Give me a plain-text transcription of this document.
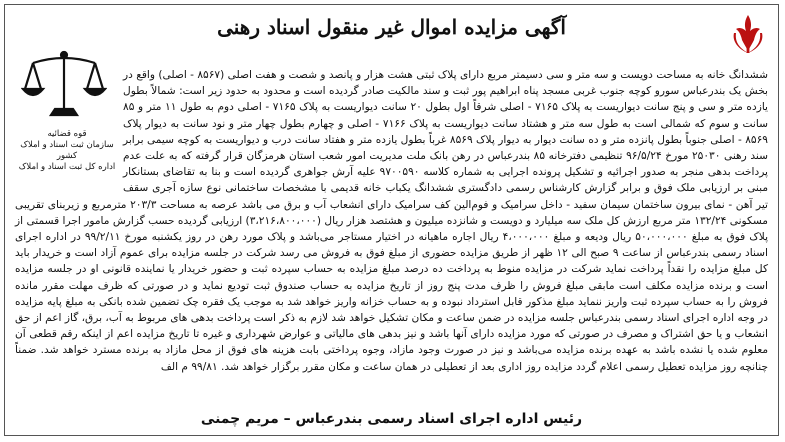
آگهی مزایده اموال غیر منقول اسناد رهنی
قوه قضائیه
سازمان ثبت اسناد و املاک کشور
اداره کل ثبت اسناد و املاک
ششدانگ خانه به مساحت دویست و سه متر و سی دسیمتر مربع دارای پلاک ثبتی هشت هزار و پانصد و شصت و هفت اصلی (۸۵۶۷ - اصلی) واقع در بخش یک بندرعباس سورو کوچه جنوب غربی مسجد پناه ابراهیم پور ثبت و سند مالکیت صادر گردیده است و محدود به حدود زیر است: شمالاً بطول یازده متر و سی و پنج سانت دیواریست به پلاک ۷۱۶۵ - اصلی شرقاً اول بطول ۲۰ سانت دیواریست به پلاک ۷۱۶۵ - اصلی دوم به طول ۱۱ متر و ۸۵ سانت و سوم که شمالی است به طول سه متر و هشتاد سانت دیواریست به پلاک ۷۱۶۶ - اصلی و چهارم بطول چهار متر و نود سانت به دیوار پلاک ۸۵۶۹ - اصلی جنوباً بطول پانزده متر و ده سانت دیوار به دیوار پلاک ۸۵۶۹ غرباً بطول یازده متر و هفتاد سانت درب و دیواریست به کوچه سیمی برابر سند رهنی ۲۵۰۳۰ مورخ ۹۶/۵/۲۴ تنظیمی دفترخانه ۸۵ بندرعباس در رهن بانک ملت مدیریت امور شعب استان هرمزگان قرار گرفته که به علت عدم پرداخت بدهی منجر به صدور اجرائیه و تشکیل پرونده اجرایی به شماره کلاسه ۹۷۰۰۵۹۰ علیه آرش جواهری گردیده است و بنا به تقاضای بستانکار مبنی بر ارزیابی ملک فوق و برابر گزارش کارشناس رسمی دادگستری ششدانگ یکباب خانه قدیمی با مشخصات ساختمانی نوع سازه آجری سقف تیر آهن - نمای بیرون ساختمان سیمان سفید - داخل سرامیک و فوم‌الین کف سرامیک دارای انشعاب آب و برق می باشد عرصه به مساحت ۲۰۳/۳ مترمربع و زیربنای تقریبی مسکونی ۱۳۲/۲۴ متر مربع ارزش کل ملک سه میلیارد و دویست و شانزده میلیون و هشتصد هزار ریال (۳،۲۱۶،۸۰۰،۰۰۰) ارزیابی گردیده حسب گزارش مامور اجرا قسمتی از پلاک فوق به مبلغ ۵۰،۰۰۰،۰۰۰ ریال ودیعه و مبلغ ۴،۰۰۰،۰۰۰ ریال اجاره ماهیانه در اختیار مستاجر می‌باشد و پلاک مورد رهن در روز یکشنبه مورخ ۹۹/۲/۱۱ در اداره اجرای اسناد رسمی بندرعباس از ساعت ۹ صبح الی ۱۲ ظهر از طریق مزایده حضوری از مبلغ فوق به فروش می رسد شرکت در جلسه مزایده برای عموم آزاد است و خریدار باید کل مبلغ مزایده را نقداً پرداخت نماید شرکت در مزایده منوط به پرداخت ده درصد مبلغ مزایده به حساب سپرده ثبت و حضور خریدار یا نماینده قانونی او در جلسه مزایده است و برنده مزایده مکلف است مابقی مبلغ فروش را ظرف مدت پنج روز از تاریخ مزایده به حساب صندوق ثبت تودیع نماید و در صورتی که ظرف مهلت مقرر مانده فروش را به حساب سپرده ثبت واریز ننماید مبلغ مذکور قابل استرداد نبوده و به حساب خزانه واریز خواهد شد به موجب یک فقره چک تضمین شده بانکی به مبلغ پایه مزایده در وجه اداره اجرای اسناد رسمی بندرعباس جلسه مزایده در ضمن ساعت و مکان تشکیل خواهد شد لازم به ذکر است پرداخت بدهی های مربوط به آب، برق، گاز اعم از حق انشعاب و یا حق اشتراک و مصرف در صورتی که مورد مزایده دارای آنها باشد و نیز بدهی های مالیاتی و عوارض شهرداری و غیره تا تاریخ مزایده اعم از اینکه رقم قطعی آن معلوم شده یا نشده باشد به عهده برنده مزایده می‌باشد و نیز در صورت وجود مازاد، وجوه پرداختی بابت هزینه های فوق از محل مازاد به برنده مسترد خواهد شد. ضمناً چنانچه روز مزایده تعطیل رسمی اعلام گردد مزایده روز اداری بعد از تعطیلی در همان ساعت و مکان مقرر برگزار خواهد شد. ۹۹/۸۱ م الف
رئیس اداره اجرای اسناد رسمی بندرعباس – مریم چمنی
